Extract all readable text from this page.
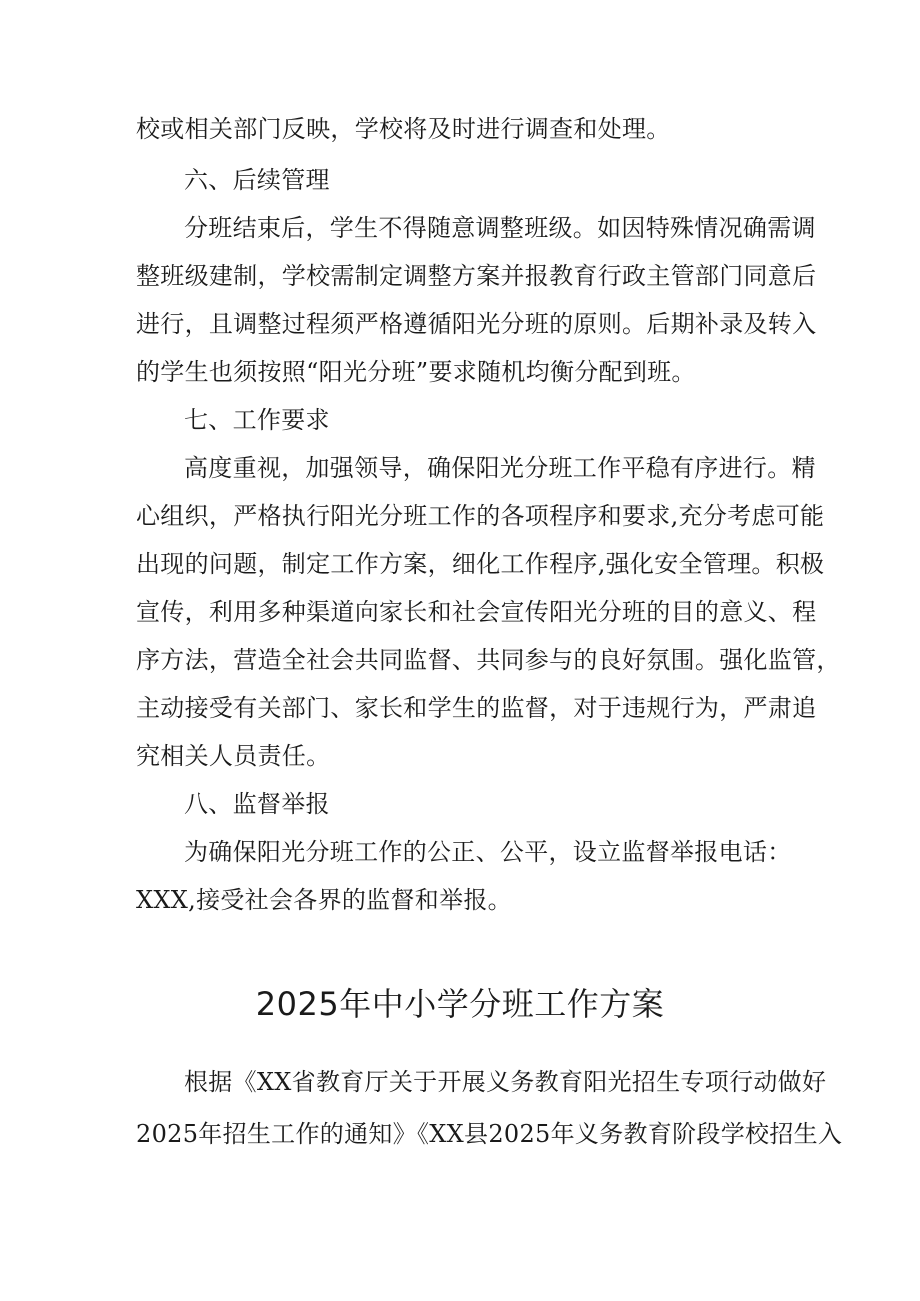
校或相关部门反映，学校将及时进行调查和处理。
六、后续管理
分班结束后，学生不得随意调整班级。如因特殊情况确需调
整班级建制，学校需制定调整方案并报教育行政主管部门同意后
进行，且调整过程须严格遵循阳光分班的原则。后期补录及转入
的学生也须按照“阳光分班”要求随机均衡分配到班。
七、工作要求
高度重视，加强领导，确保阳光分班工作平稳有序进行。精
心组织，严格执行阳光分班工作的各项程序和要求,充分考虑可能
出现的问题，制定工作方案，细化工作程序,强化安全管理。积极
宣传，利用多种渠道向家长和社会宣传阳光分班的目的意义、程
序方法，营造全社会共同监督、共同参与的良好氛围。强化监管，
主动接受有关部门、家长和学生的监督，对于违规行为，严肃追
究相关人员责任。
八、监督举报
为确保阳光分班工作的公正、公平，设立监督举报电话：
XXX,接受社会各界的监督和举报。
2025年中小学分班工作方案
根据《XX省教育厅关于开展义务教育阳光招生专项行动做好
2025年招生工作的通知》《XX县2025年义务教育阶段学校招生入
